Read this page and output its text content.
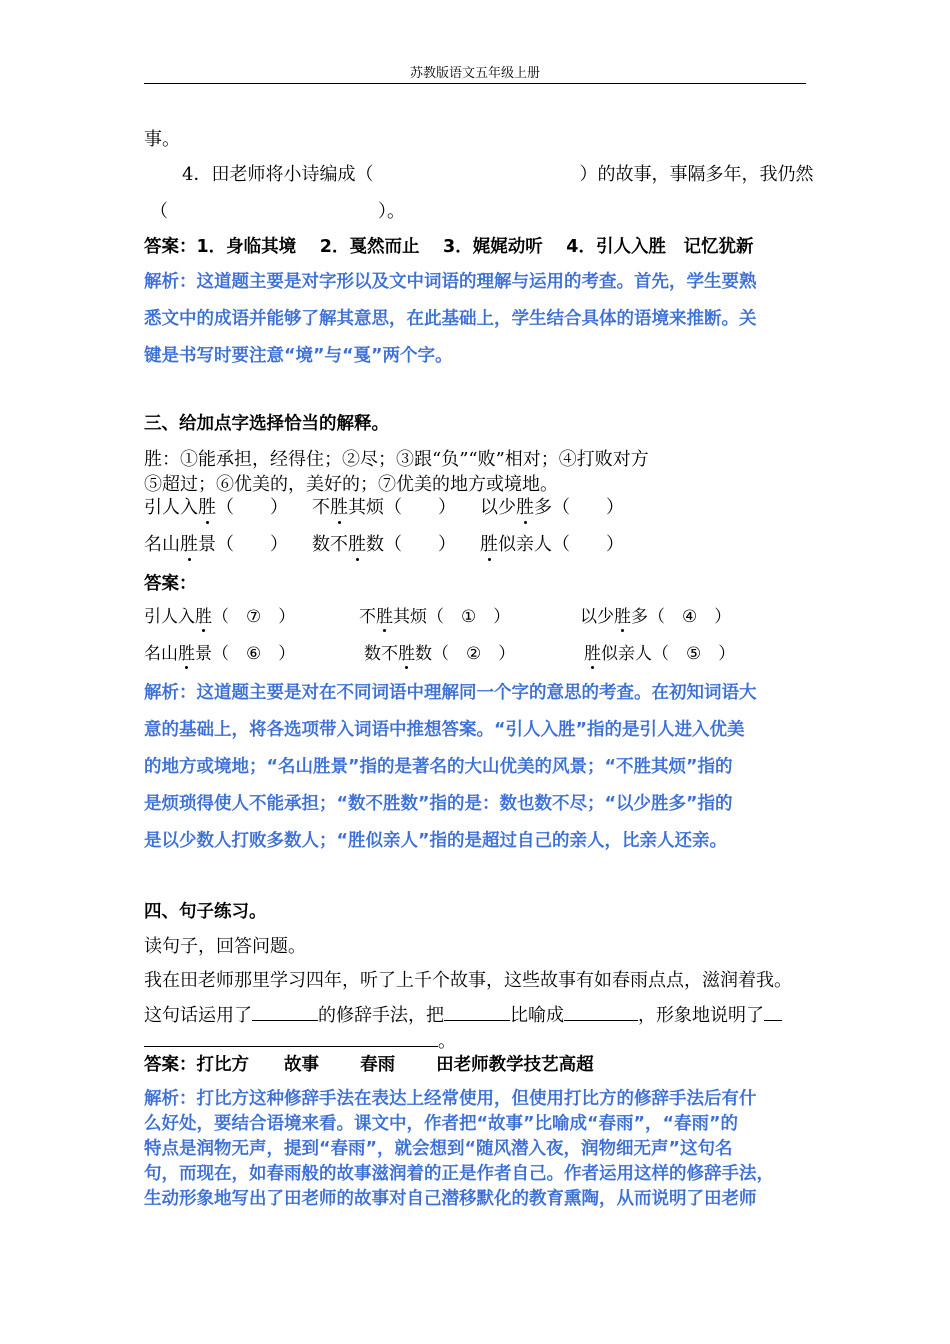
苏教版语文五年级上册
事。
4．田老师将小诗编成（	）的故事，事隔多年，我仍然
（	）。
答案：1．身临其境　 2．戛然而止　 3．娓娓动听　 4．引人入胜　记忆犹新
解析：这道题主要是对字形以及文中词语的理解与运用的考查。首先，学生要熟
悉文中的成语并能够了解其意思，在此基础上，学生结合具体的语境来推断。关
键是书写时要注意“境”与“戛”两个字。
三、给加点字选择恰当的解释。
胜：①能承担，经得住；②尽；③跟“负”“败”相对；④打败对方
⑤超过；⑥优美的，美好的；⑦优美的地方或境地。
引人入胜（　　） 不胜其烦（　　） 以少胜多（　　）
名山胜景（　　） 数不胜数（　　） 胜似亲人（　　）
答案：
引人入胜（　⑦　）	不胜其烦（　①　）	以少胜多（　④　）
名山胜景（　⑥　）	数不胜数（　②　）	胜似亲人（　⑤　）
解析：这道题主要是对在不同词语中理解同一个字的意思的考查。在初知词语大
意的基础上，将各选项带入词语中推想答案。“引人入胜”指的是引人进入优美
的地方或境地；“名山胜景”指的是著名的大山优美的风景；“不胜其烦”指的
是烦琐得使人不能承担；“数不胜数”指的是：数也数不尽；“以少胜多”指的
是以少数人打败多数人；“胜似亲人”指的是超过自己的亲人，比亲人还亲。
四、句子练习。
读句子，回答问题。
我在田老师那里学习四年，听了上千个故事，这些故事有如春雨点点，滋润着我。
这句话运用了	的修辞手法，把	比喻成	，形象地说明了
。
答案：打比方　　故事　　 春雨　　 田老师教学技艺高超
解析：打比方这种修辞手法在表达上经常使用，但使用打比方的修辞手法后有什
么好处，要结合语境来看。课文中，作者把“故事”比喻成“春雨”，“春雨”的
特点是润物无声，提到“春雨”，就会想到“随风潜入夜，润物细无声”这句名
句，而现在，如春雨般的故事滋润着的正是作者自己。作者运用这样的修辞手法，
生动形象地写出了田老师的故事对自己潜移默化的教育熏陶，从而说明了田老师
